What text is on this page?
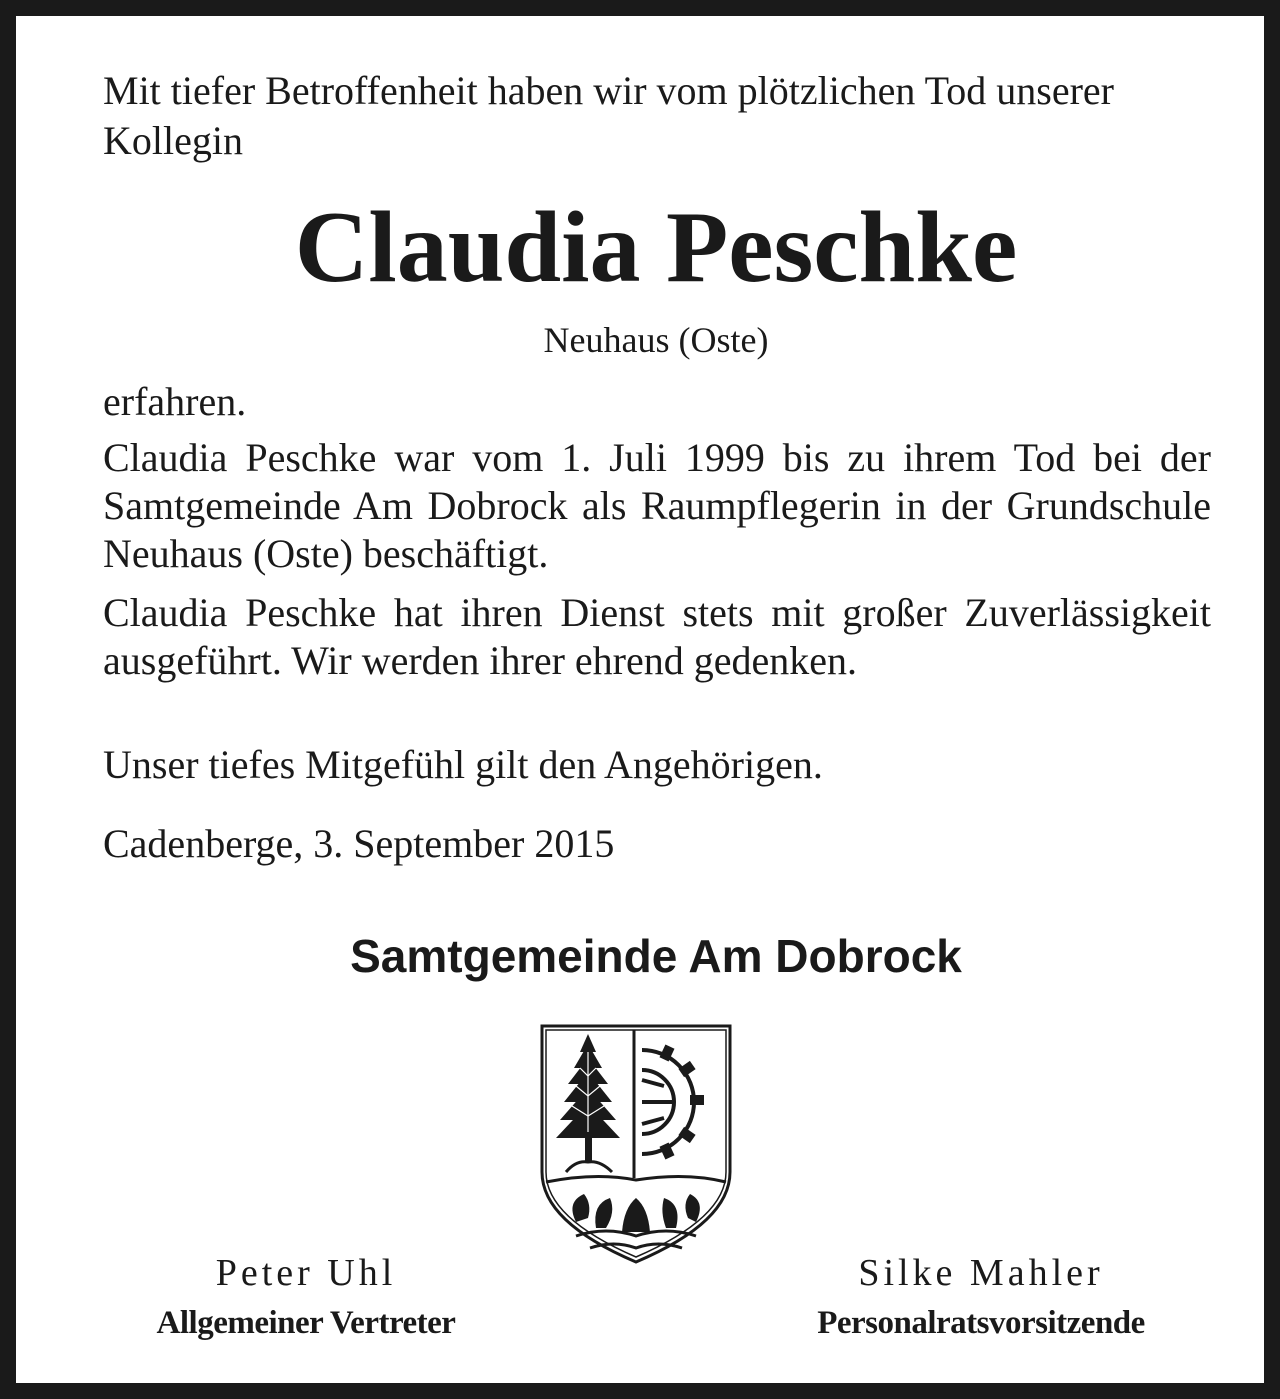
Mit tiefer Betroffenheit haben wir vom plötzlichen Tod unserer Kollegin
Claudia Peschke
Neuhaus (Oste)
erfahren.
Claudia Peschke war vom 1. Juli 1999 bis zu ihrem Tod bei der Samtgemeinde Am Dobrock als Raumpflegerin in der Grundschule Neuhaus (Oste) beschäftigt.
Claudia Peschke hat ihren Dienst stets mit großer Zuverlässigkeit ausgeführt. Wir werden ihrer ehrend gedenken.
Unser tiefes Mitgefühl gilt den Angehörigen.
Cadenberge, 3. September 2015
Samtgemeinde Am Dobrock
Peter Uhl
Allgemeiner Vertreter
Silke Mahler
Personalratsvorsitzende
